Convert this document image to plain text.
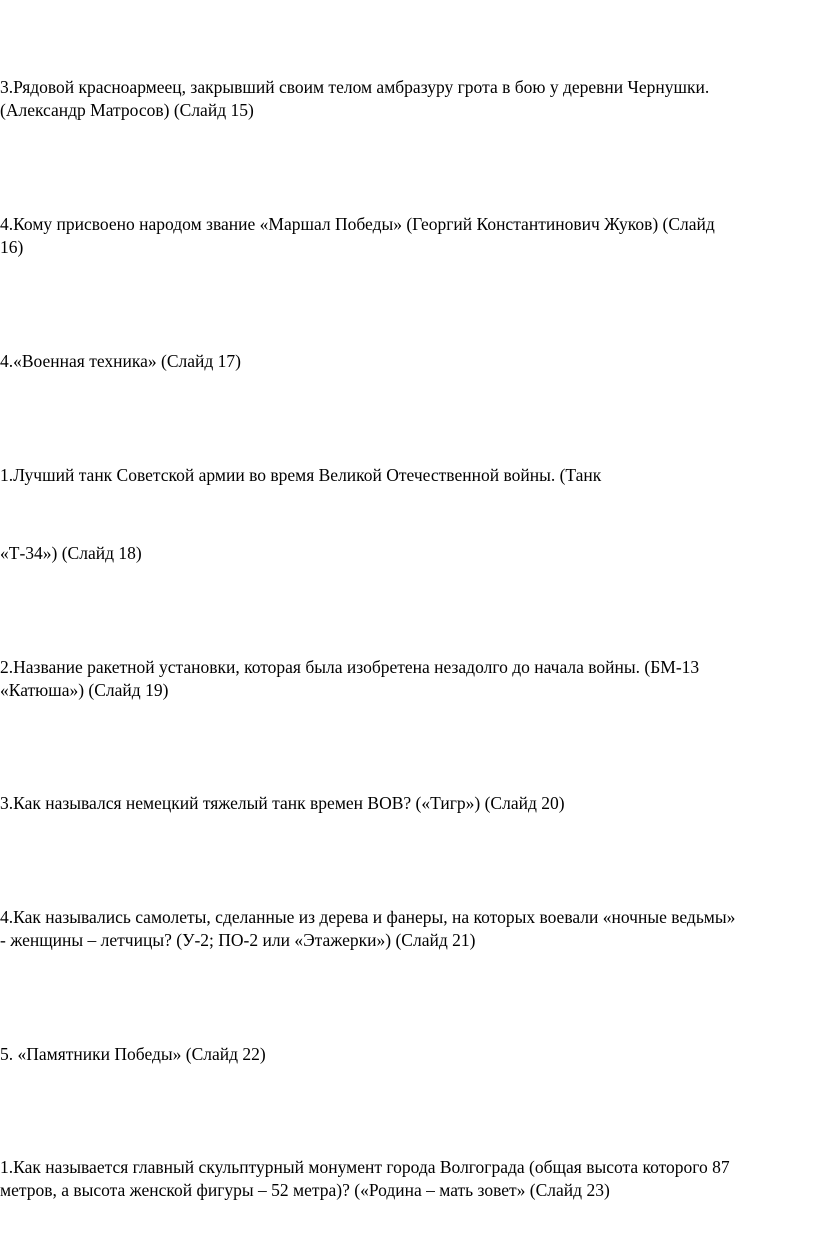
3.Рядовой красноармеец, закрывший своим телом амбразуру грота в бою у деревни Чернушки.
(Александр Матросов) (Слайд 15)

4.Кому присвоено народом звание «Маршал Победы» (Георгий Константинович Жуков) (Слайд
16)

4.«Военная техника» (Слайд 17)

1.Лучший танк Советской армии во время Великой Отечественной войны. (Танк

«Т-34») (Слайд 18)

2.Название ракетной установки, которая была изобретена незадолго до начала войны. (БМ-13
«Катюша») (Слайд 19)

3.Как назывался немецкий тяжелый танк времен ВОВ? («Тигр») (Слайд 20)

4.Как назывались самолеты, сделанные из дерева и фанеры, на которых воевали «ночные ведьмы»
- женщины – летчицы? (У-2; ПО-2 или «Этажерки») (Слайд 21)

5. «Памятники Победы» (Слайд 22)

1.Как называется главный скульптурный монумент города Волгограда (общая высота которого 87
метров, а высота женской фигуры – 52 метра)? («Родина – мать зовет» (Слайд 23)
